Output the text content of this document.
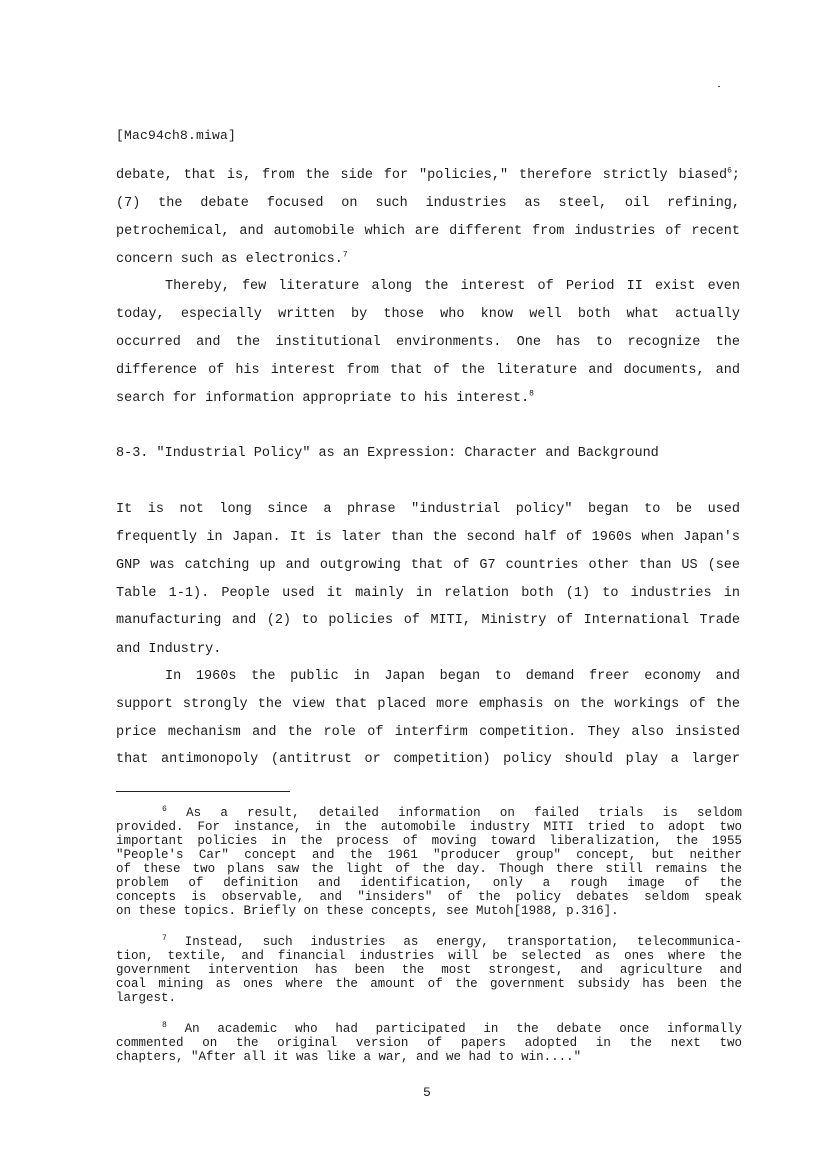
[Mac94ch8.miwa]
debate, that is, from the side for "policies," therefore strictly biased$^6$;
(7) the debate focused on such industries as steel, oil refining,
petrochemical, and automobile which are different from industries of recent
concern such as electronics.$^7$
Thereby, few literature along the interest of Period II exist even
today, especially written by those who know well both what actually
occurred and the institutional environments. One has to recognize the
difference of his interest from that of the literature and documents, and
search for information appropriate to his interest.$^8$
8-3. "Industrial Policy" as an Expression: Character and Background
It is not long since a phrase "industrial policy" began to be used
frequently in Japan. It is later than the second half of 1960s when Japan's
GNP was catching up and outgrowing that of G7 countries other than US (see
Table 1-1). People used it mainly in relation both (1) to industries in
manufacturing and (2) to policies of MITI, Ministry of International Trade
and Industry.
In 1960s the public in Japan began to demand freer economy and
support strongly the view that placed more emphasis on the workings of the
price mechanism and the role of interfirm competition. They also insisted
that antimonopoly (antitrust or competition) policy should play a larger
$^6$ As a result, detailed information on failed trials is seldom
provided. For instance, in the automobile industry MITI tried to adopt two
important policies in the process of moving toward liberalization, the 1955
"People's Car" concept and the 1961 "producer group" concept, but neither
of these two plans saw the light of the day. Though there still remains the
problem of definition and identification, only a rough image of the
concepts is observable, and "insiders" of the policy debates seldom speak
on these topics. Briefly on these concepts, see Mutoh[1988, p.316].
$^7$ Instead, such industries as energy, transportation, telecommunica-
tion, textile, and financial industries will be selected as ones where the
government intervention has been the most strongest, and agriculture and
coal mining as ones where the amount of the government subsidy has been the
largest.
$^8$ An academic who had participated in the debate once informally
commented on the original version of papers adopted in the next two
chapters, "After all it was like a war, and we had to win...."
5
